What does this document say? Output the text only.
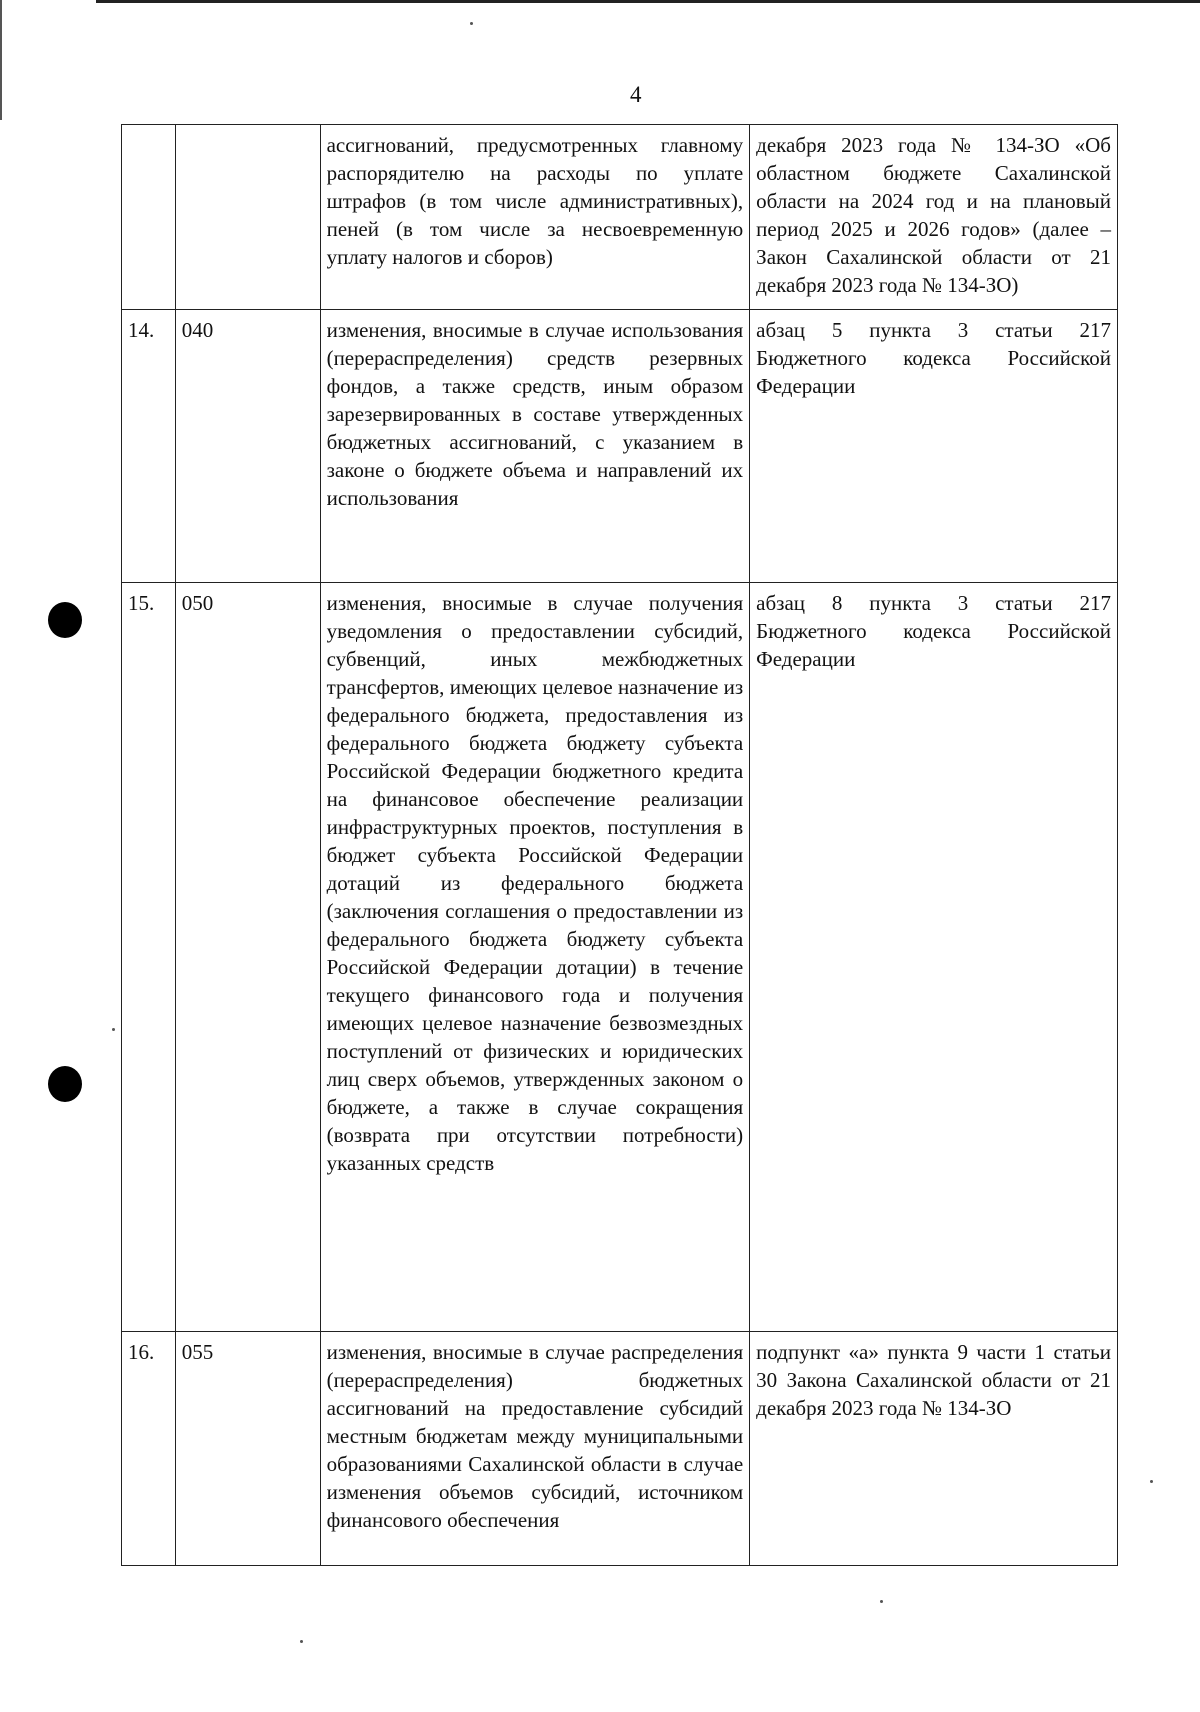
4
		ассигнований, предусмотренных главному распорядителю на расходы по уплате штрафов (в том числе административных), пеней (в том числе за несвоевременную уплату налогов и сборов)	декабря 2023 года № 134-ЗО «Об областном бюджете Сахалинской области на 2024 год и на плановый период 2025 и 2026 годов» (далее – Закон Сахалинской области от 21 декабря 2023 года № 134-ЗО)
14.	040	изменения, вносимые в случае использования (перераспределения) средств резервных фондов, а также средств, иным образом зарезервированных в составе утвержденных бюджетных ассигнований, с указанием в законе о бюджете объема и направлений их использования	абзац 5 пункта 3 статьи 217 Бюджетного кодекса Российской Федерации
15.	050	изменения, вносимые в случае получения уведомления о предоставлении субсидий, субвенций, иных межбюджетных трансфертов, имеющих целевое назначение из федерального бюджета, предоставления из федерального бюджета бюджету субъекта Российской Федерации бюджетного кредита на финансовое обеспечение реализации инфраструктурных проектов, поступления в бюджет субъекта Российской Федерации дотаций из федерального бюджета (заключения соглашения о предоставлении из федерального бюджета бюджету субъекта Российской Федерации дотации) в течение текущего финансового года и получения имеющих целевое назначение безвозмездных поступлений от физических и юридических лиц сверх объемов, утвержденных законом о бюджете, а также в случае сокращения (возврата при отсутствии потребности) указанных средств	абзац 8 пункта 3 статьи 217 Бюджетного кодекса Российской Федерации
16.	055	изменения, вносимые в случае распределения (перераспределения) бюджетных ассигнований на предоставление субсидий местным бюджетам между муниципальными образованиями Сахалинской области в случае изменения объемов субсидий, источником финансового обеспечения	подпункт «а» пункта 9 части 1 статьи 30 Закона Сахалинской области от 21 декабря 2023 года № 134-ЗО
